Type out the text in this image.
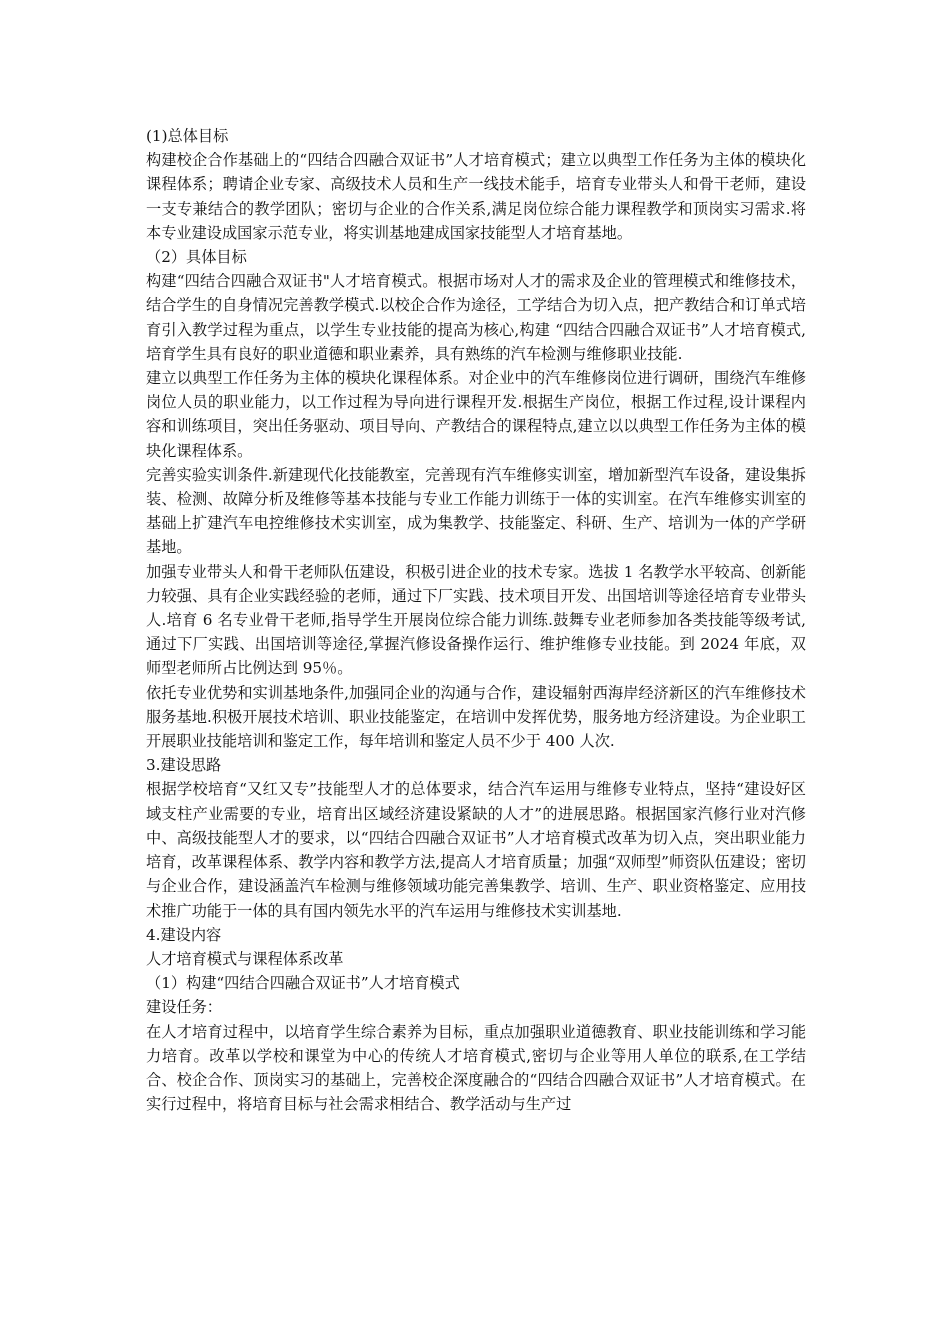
(1)总体目标

构建校企合作基础上的“四结合四融合双证书”人才培育模式；建立以典型工作任务为主体的模块化课程体系；聘请企业专家、高级技术人员和生产一线技术能手，培育专业带头人和骨干老师，建设一支专兼结合的教学团队；密切与企业的合作关系,满足岗位综合能力课程教学和顶岗实习需求.将本专业建设成国家示范专业，将实训基地建成国家技能型人才培育基地。

（2）具体目标

构建“四结合四融合双证书"人才培育模式。根据市场对人才的需求及企业的管理模式和维修技术，结合学生的自身情况完善教学模式.以校企合作为途径，工学结合为切入点，把产教结合和订单式培育引入教学过程为重点，以学生专业技能的提高为核心,构建 “四结合四融合双证书”人才培育模式,培育学生具有良好的职业道德和职业素养，具有熟练的汽车检测与维修职业技能.

建立以典型工作任务为主体的模块化课程体系。对企业中的汽车维修岗位进行调研，围绕汽车维修岗位人员的职业能力，以工作过程为导向进行课程开发.根据生产岗位，根据工作过程,设计课程内容和训练项目，突出任务驱动、项目导向、产教结合的课程特点,建立以以典型工作任务为主体的模块化课程体系。

完善实验实训条件.新建现代化技能教室，完善现有汽车维修实训室，增加新型汽车设备，建设集拆装、检测、故障分析及维修等基本技能与专业工作能力训练于一体的实训室。在汽车维修实训室的基础上扩建汽车电控维修技术实训室，成为集教学、技能鉴定、科研、生产、培训为一体的产学研基地。

加强专业带头人和骨干老师队伍建设，积极引进企业的技术专家。选拔 1 名教学水平较高、创新能力较强、具有企业实践经验的老师，通过下厂实践、技术项目开发、出国培训等途径培育专业带头人.培育 6 名专业骨干老师,指导学生开展岗位综合能力训练.鼓舞专业老师参加各类技能等级考试,通过下厂实践、出国培训等途径,掌握汽修设备操作运行、维护维修专业技能。到 2024 年底，双师型老师所占比例达到 95％。

依托专业优势和实训基地条件,加强同企业的沟通与合作，建设辐射西海岸经济新区的汽车维修技术服务基地.积极开展技术培训、职业技能鉴定，在培训中发挥优势，服务地方经济建设。为企业职工开展职业技能培训和鉴定工作，每年培训和鉴定人员不少于 400 人次.

3.建设思路

根据学校培育“又红又专”技能型人才的总体要求，结合汽车运用与维修专业特点，坚持“建设好区域支柱产业需要的专业，培育出区域经济建设紧缺的人才”的进展思路。根据国家汽修行业对汽修中、高级技能型人才的要求，以“四结合四融合双证书”人才培育模式改革为切入点，突出职业能力培育，改革课程体系、教学内容和教学方法,提高人才培育质量；加强“双师型”师资队伍建设；密切与企业合作，建设涵盖汽车检测与维修领域功能完善集教学、培训、生产、职业资格鉴定、应用技术推广功能于一体的具有国内领先水平的汽车运用与维修技术实训基地.

4.建设内容

人才培育模式与课程体系改革

（1）构建“四结合四融合双证书”人才培育模式

建设任务：

在人才培育过程中，以培育学生综合素养为目标，重点加强职业道德教育、职业技能训练和学习能力培育。改革以学校和课堂为中心的传统人才培育模式,密切与企业等用人单位的联系,在工学结合、校企合作、顶岗实习的基础上，完善校企深度融合的“四结合四融合双证书”人才培育模式。在实行过程中，将培育目标与社会需求相结合、教学活动与生产过
